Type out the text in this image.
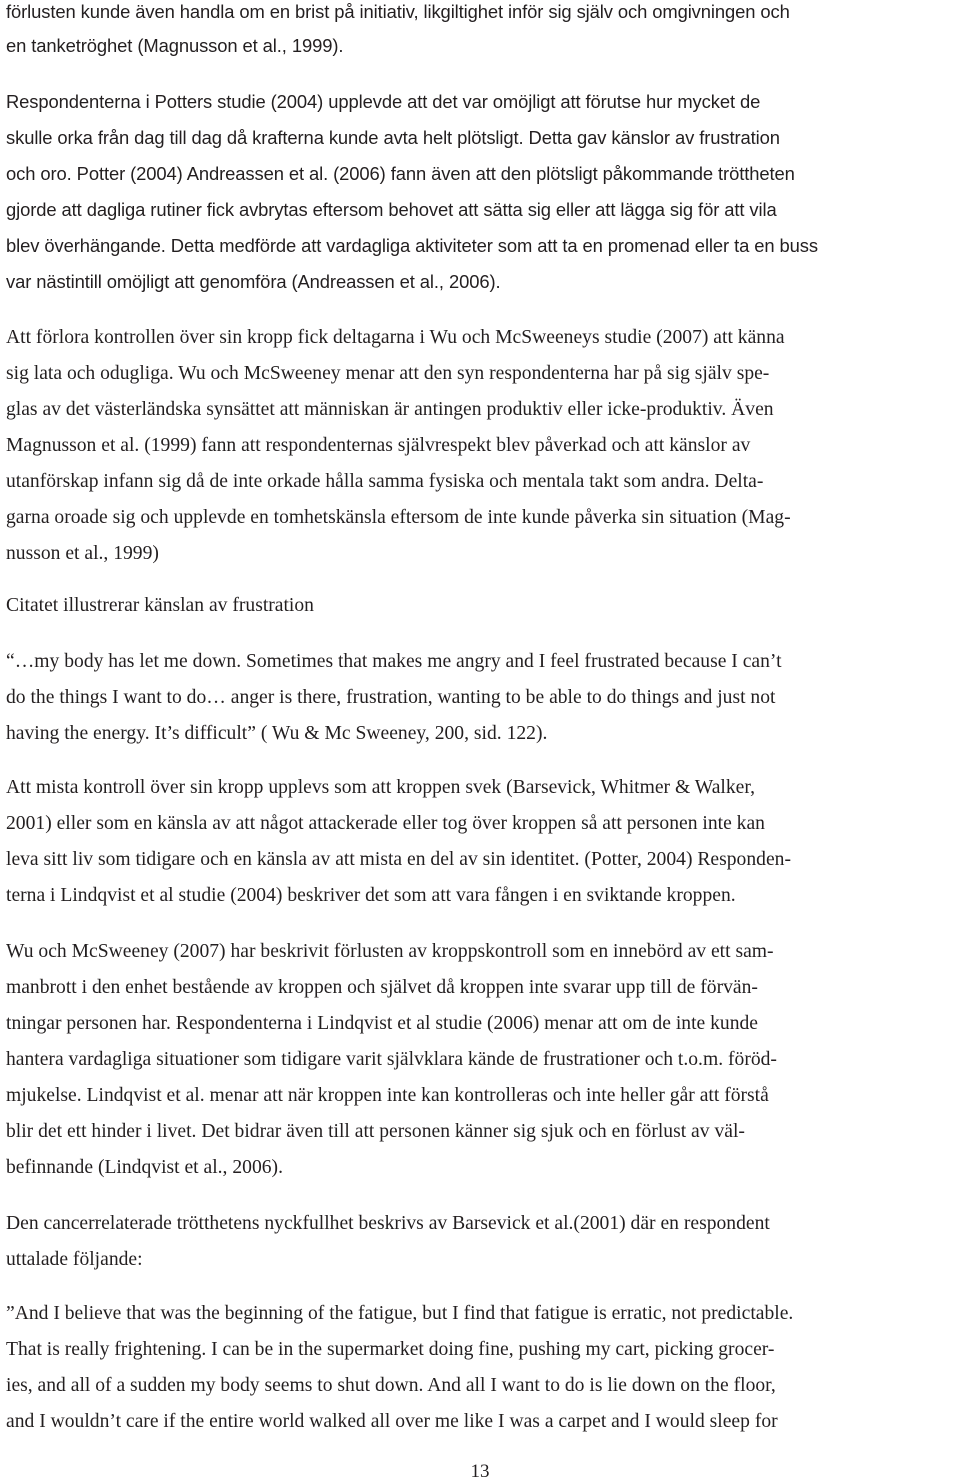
förlusten kunde även handla om en brist på initiativ, likgiltighet inför sig själv och omgivningen och
en tanketröghet (Magnusson et al., 1999).
Respondenterna i Potters studie (2004) upplevde att det var omöjligt att förutse hur mycket de
skulle orka från dag till dag då krafterna kunde avta helt plötsligt. Detta gav känslor av frustration
och oro. Potter (2004) Andreassen et al. (2006) fann även att den plötsligt påkommande tröttheten
gjorde att dagliga rutiner fick avbrytas eftersom behovet att sätta sig eller att lägga sig för att vila
blev överhängande. Detta medförde att vardagliga aktiviteter som att ta en promenad eller ta en buss
var nästintill omöjligt att genomföra (Andreassen et al., 2006).
Att förlora kontrollen över sin kropp fick deltagarna i Wu och McSweeneys studie (2007) att känna
sig lata och odugliga. Wu och McSweeney menar att den syn respondenterna har på sig själv spe-
glas av det västerländska synsättet att människan är antingen produktiv eller icke-produktiv. Även
Magnusson et al. (1999) fann att respondenternas självrespekt blev påverkad och att känslor av
utanförskap infann sig då de inte orkade hålla samma fysiska och mentala takt som andra. Delta-
garna oroade sig och upplevde en tomhetskänsla eftersom de inte kunde påverka sin situation (Mag-
nusson et al., 1999)
Citatet illustrerar känslan av frustration
“…my body has let me down. Sometimes that makes me angry and I feel frustrated because I can’t
do the things I want to do… anger is there, frustration, wanting to be able to do things and just not
having the energy. It’s difficult” ( Wu & Mc Sweeney, 200, sid. 122).
Att mista kontroll över sin kropp upplevs som att kroppen svek (Barsevick, Whitmer & Walker,
2001) eller som en känsla av att något attackerade eller tog över kroppen så att personen inte kan
leva sitt liv som tidigare och en känsla av att mista en del av sin identitet. (Potter, 2004) Responden-
terna i Lindqvist et al studie (2004) beskriver det som att vara fången i en sviktande kroppen.
Wu och McSweeney (2007) har beskrivit förlusten av kroppskontroll som en innebörd av ett sam-
manbrott i den enhet bestående av kroppen och självet då kroppen inte svarar upp till de förvän-
tningar personen har. Respondenterna i Lindqvist et al studie (2006) menar att om de inte kunde
hantera vardagliga situationer som tidigare varit självklara kände de frustrationer och t.o.m. föröd-
mjukelse. Lindqvist et al. menar att när kroppen inte kan kontrolleras och inte heller går att förstå
blir det ett hinder i livet. Det bidrar även till att personen känner sig sjuk och en förlust av väl-
befinnande (Lindqvist et al., 2006).
Den cancerrelaterade trötthetens nyckfullhet beskrivs av Barsevick et al.(2001) där en respondent
uttalade följande:
”And I believe that was the beginning of the fatigue, but I find that fatigue is erratic, not predictable.
That is really frightening. I can be in the supermarket doing fine, pushing my cart, picking grocer-
ies, and all of a sudden my body seems to shut down. And all I want to do is lie down on the floor,
and I wouldn’t care if the entire world walked all over me like I was a carpet and I would sleep for
13
